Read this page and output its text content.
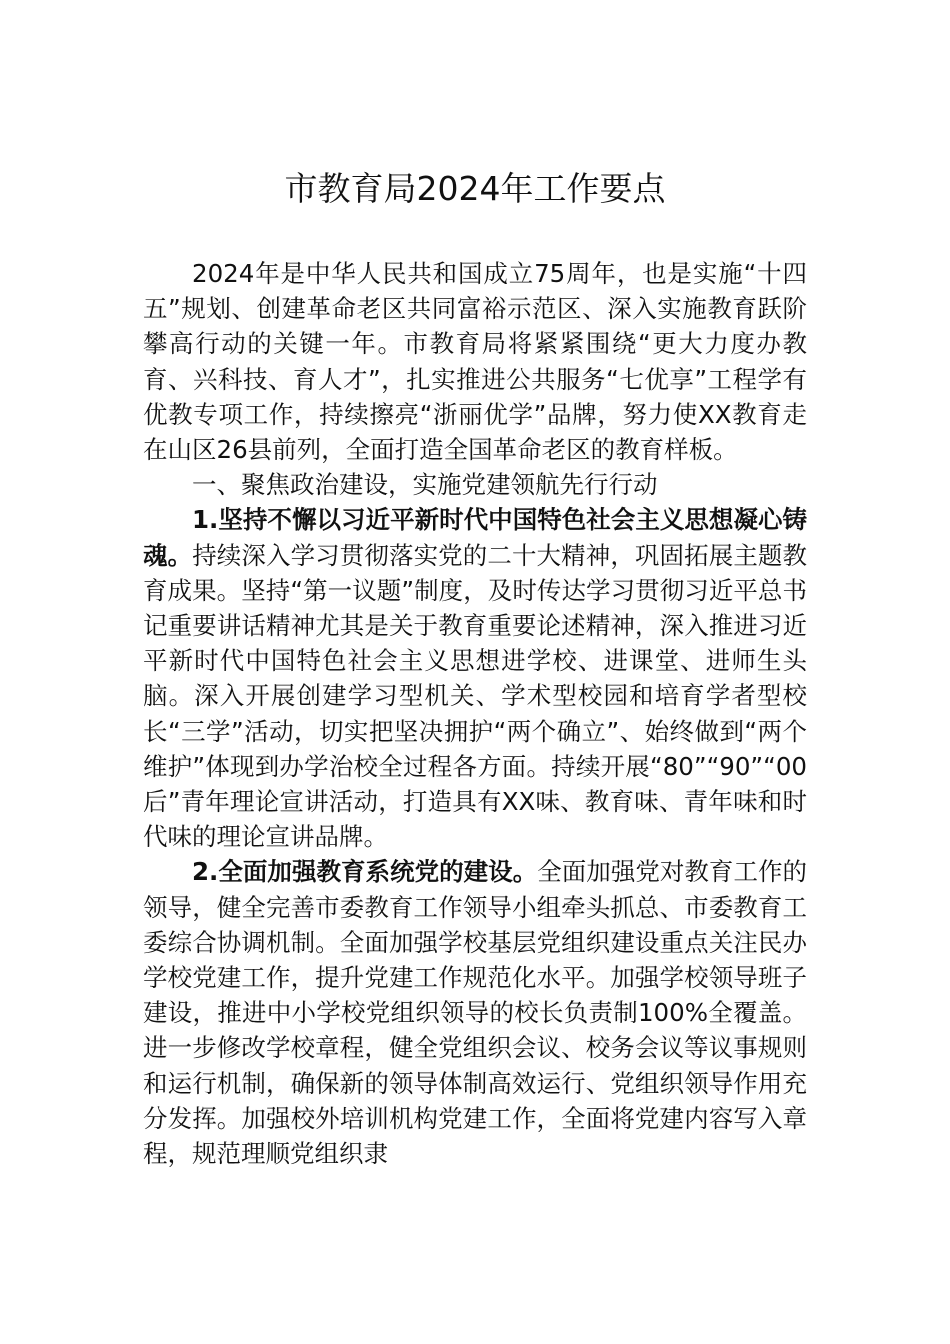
市教育局2024年工作要点

2024年是中华人民共和国成立75周年，也是实施“十四五”规划、创建革命老区共同富裕示范区、深入实施教育跃阶攀高行动的关键一年。市教育局将紧紧围绕“更大力度办教育、兴科技、育人才”，扎实推进公共服务“七优享”工程学有优教专项工作，持续擦亮“浙丽优学”品牌，努力使XX教育走在山区26县前列，全面打造全国革命老区的教育样板。

一、聚焦政治建设，实施党建领航先行行动

1.坚持不懈以习近平新时代中国特色社会主义思想凝心铸魂。持续深入学习贯彻落实党的二十大精神，巩固拓展主题教育成果。坚持“第一议题”制度，及时传达学习贯彻习近平总书记重要讲话精神尤其是关于教育重要论述精神，深入推进习近平新时代中国特色社会主义思想进学校、进课堂、进师生头脑。深入开展创建学习型机关、学术型校园和培育学者型校长“三学”活动，切实把坚决拥护“两个确立”、始终做到“两个维护”体现到办学治校全过程各方面。持续开展“80”“90”“00后”青年理论宣讲活动，打造具有XX味、教育味、青年味和时代味的理论宣讲品牌。

2.全面加强教育系统党的建设。全面加强党对教育工作的领导，健全完善市委教育工作领导小组牵头抓总、市委教育工委综合协调机制。全面加强学校基层党组织建设重点关注民办学校党建工作，提升党建工作规范化水平。加强学校领导班子建设，推进中小学校党组织领导的校长负责制100%全覆盖。进一步修改学校章程，健全党组织会议、校务会议等议事规则和运行机制，确保新的领导体制高效运行、党组织领导作用充分发挥。加强校外培训机构党建工作，全面将党建内容写入章程，规范理顺党组织隶
